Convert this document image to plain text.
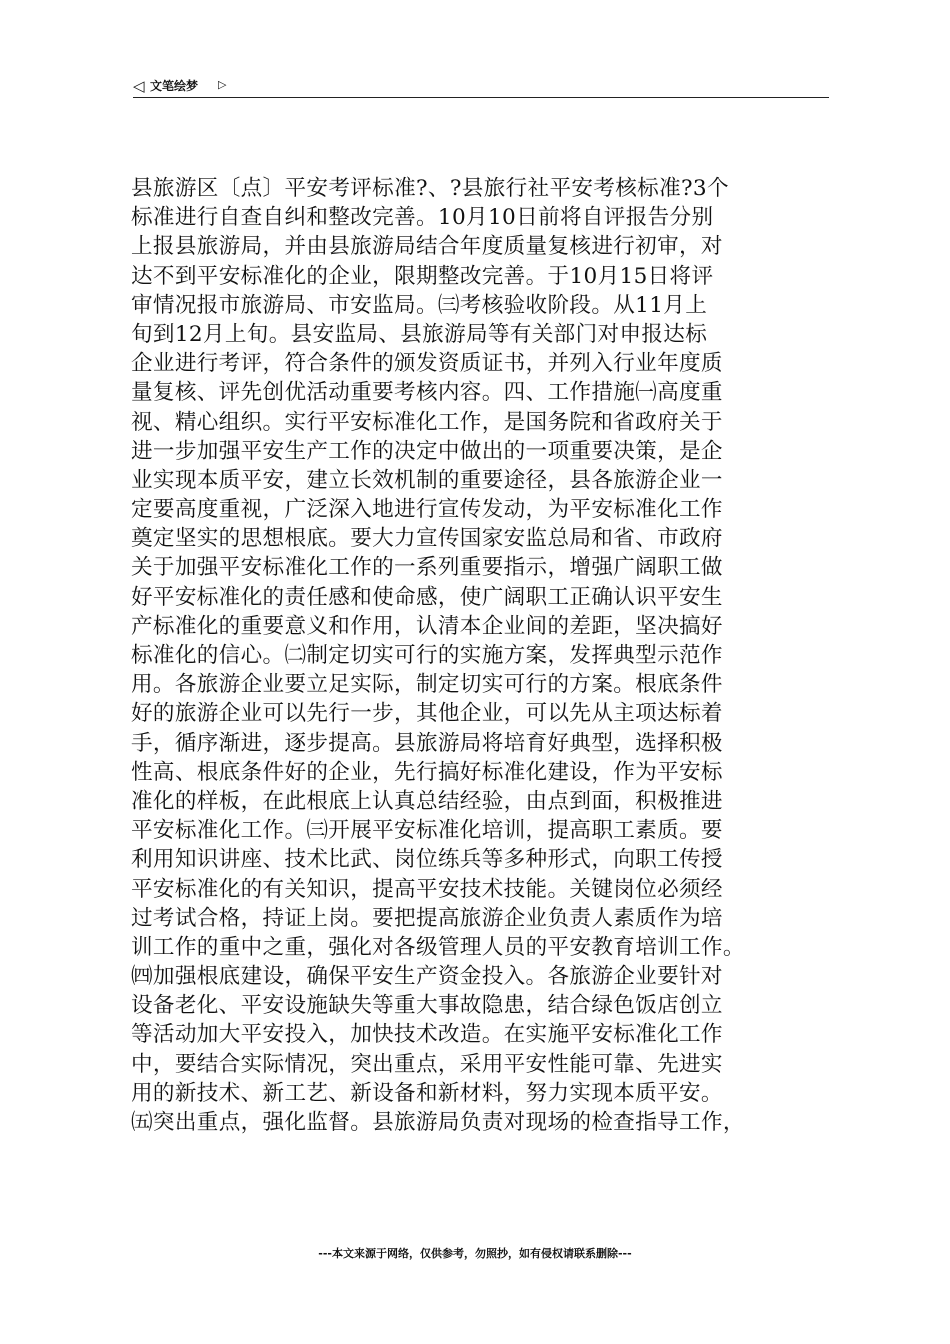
◁ 文笔绘梦 ▷
县旅游区〔点〕平安考评标准?、?县旅行社平安考核标准?3个
标准进行自查自纠和整改完善。10月10日前将自评报告分别
上报县旅游局，并由县旅游局结合年度质量复核进行初审，对
达不到平安标准化的企业，限期整改完善。于10月15日将评
审情况报市旅游局、市安监局。㈢考核验收阶段。从11月上
旬到12月上旬。县安监局、县旅游局等有关部门对申报达标
企业进行考评，符合条件的颁发资质证书，并列入行业年度质
量复核、评先创优活动重要考核内容。四、工作措施㈠高度重
视、精心组织。实行平安标准化工作，是国务院和省政府关于
进一步加强平安生产工作的决定中做出的一项重要决策，是企
业实现本质平安，建立长效机制的重要途径，县各旅游企业一
定要高度重视，广泛深入地进行宣传发动，为平安标准化工作
奠定坚实的思想根底。要大力宣传国家安监总局和省、市政府
关于加强平安标准化工作的一系列重要指示，增强广阔职工做
好平安标准化的责任感和使命感，使广阔职工正确认识平安生
产标准化的重要意义和作用，认清本企业间的差距，坚决搞好
标准化的信心。㈡制定切实可行的实施方案，发挥典型示范作
用。各旅游企业要立足实际，制定切实可行的方案。根底条件
好的旅游企业可以先行一步，其他企业，可以先从主项达标着
手，循序渐进，逐步提高。县旅游局将培育好典型，选择积极
性高、根底条件好的企业，先行搞好标准化建设，作为平安标
准化的样板，在此根底上认真总结经验，由点到面，积极推进
平安标准化工作。㈢开展平安标准化培训，提高职工素质。要
利用知识讲座、技术比武、岗位练兵等多种形式，向职工传授
平安标准化的有关知识，提高平安技术技能。关键岗位必须经
过考试合格，持证上岗。要把提高旅游企业负责人素质作为培
训工作的重中之重，强化对各级管理人员的平安教育培训工作。
㈣加强根底建设，确保平安生产资金投入。各旅游企业要针对
设备老化、平安设施缺失等重大事故隐患，结合绿色饭店创立
等活动加大平安投入，加快技术改造。在实施平安标准化工作
中，要结合实际情况，突出重点，采用平安性能可靠、先进实
用的新技术、新工艺、新设备和新材料，努力实现本质平安。
㈤突出重点，强化监督。县旅游局负责对现场的检查指导工作，
---本文来源于网络，仅供参考，勿照抄，如有侵权请联系删除---
